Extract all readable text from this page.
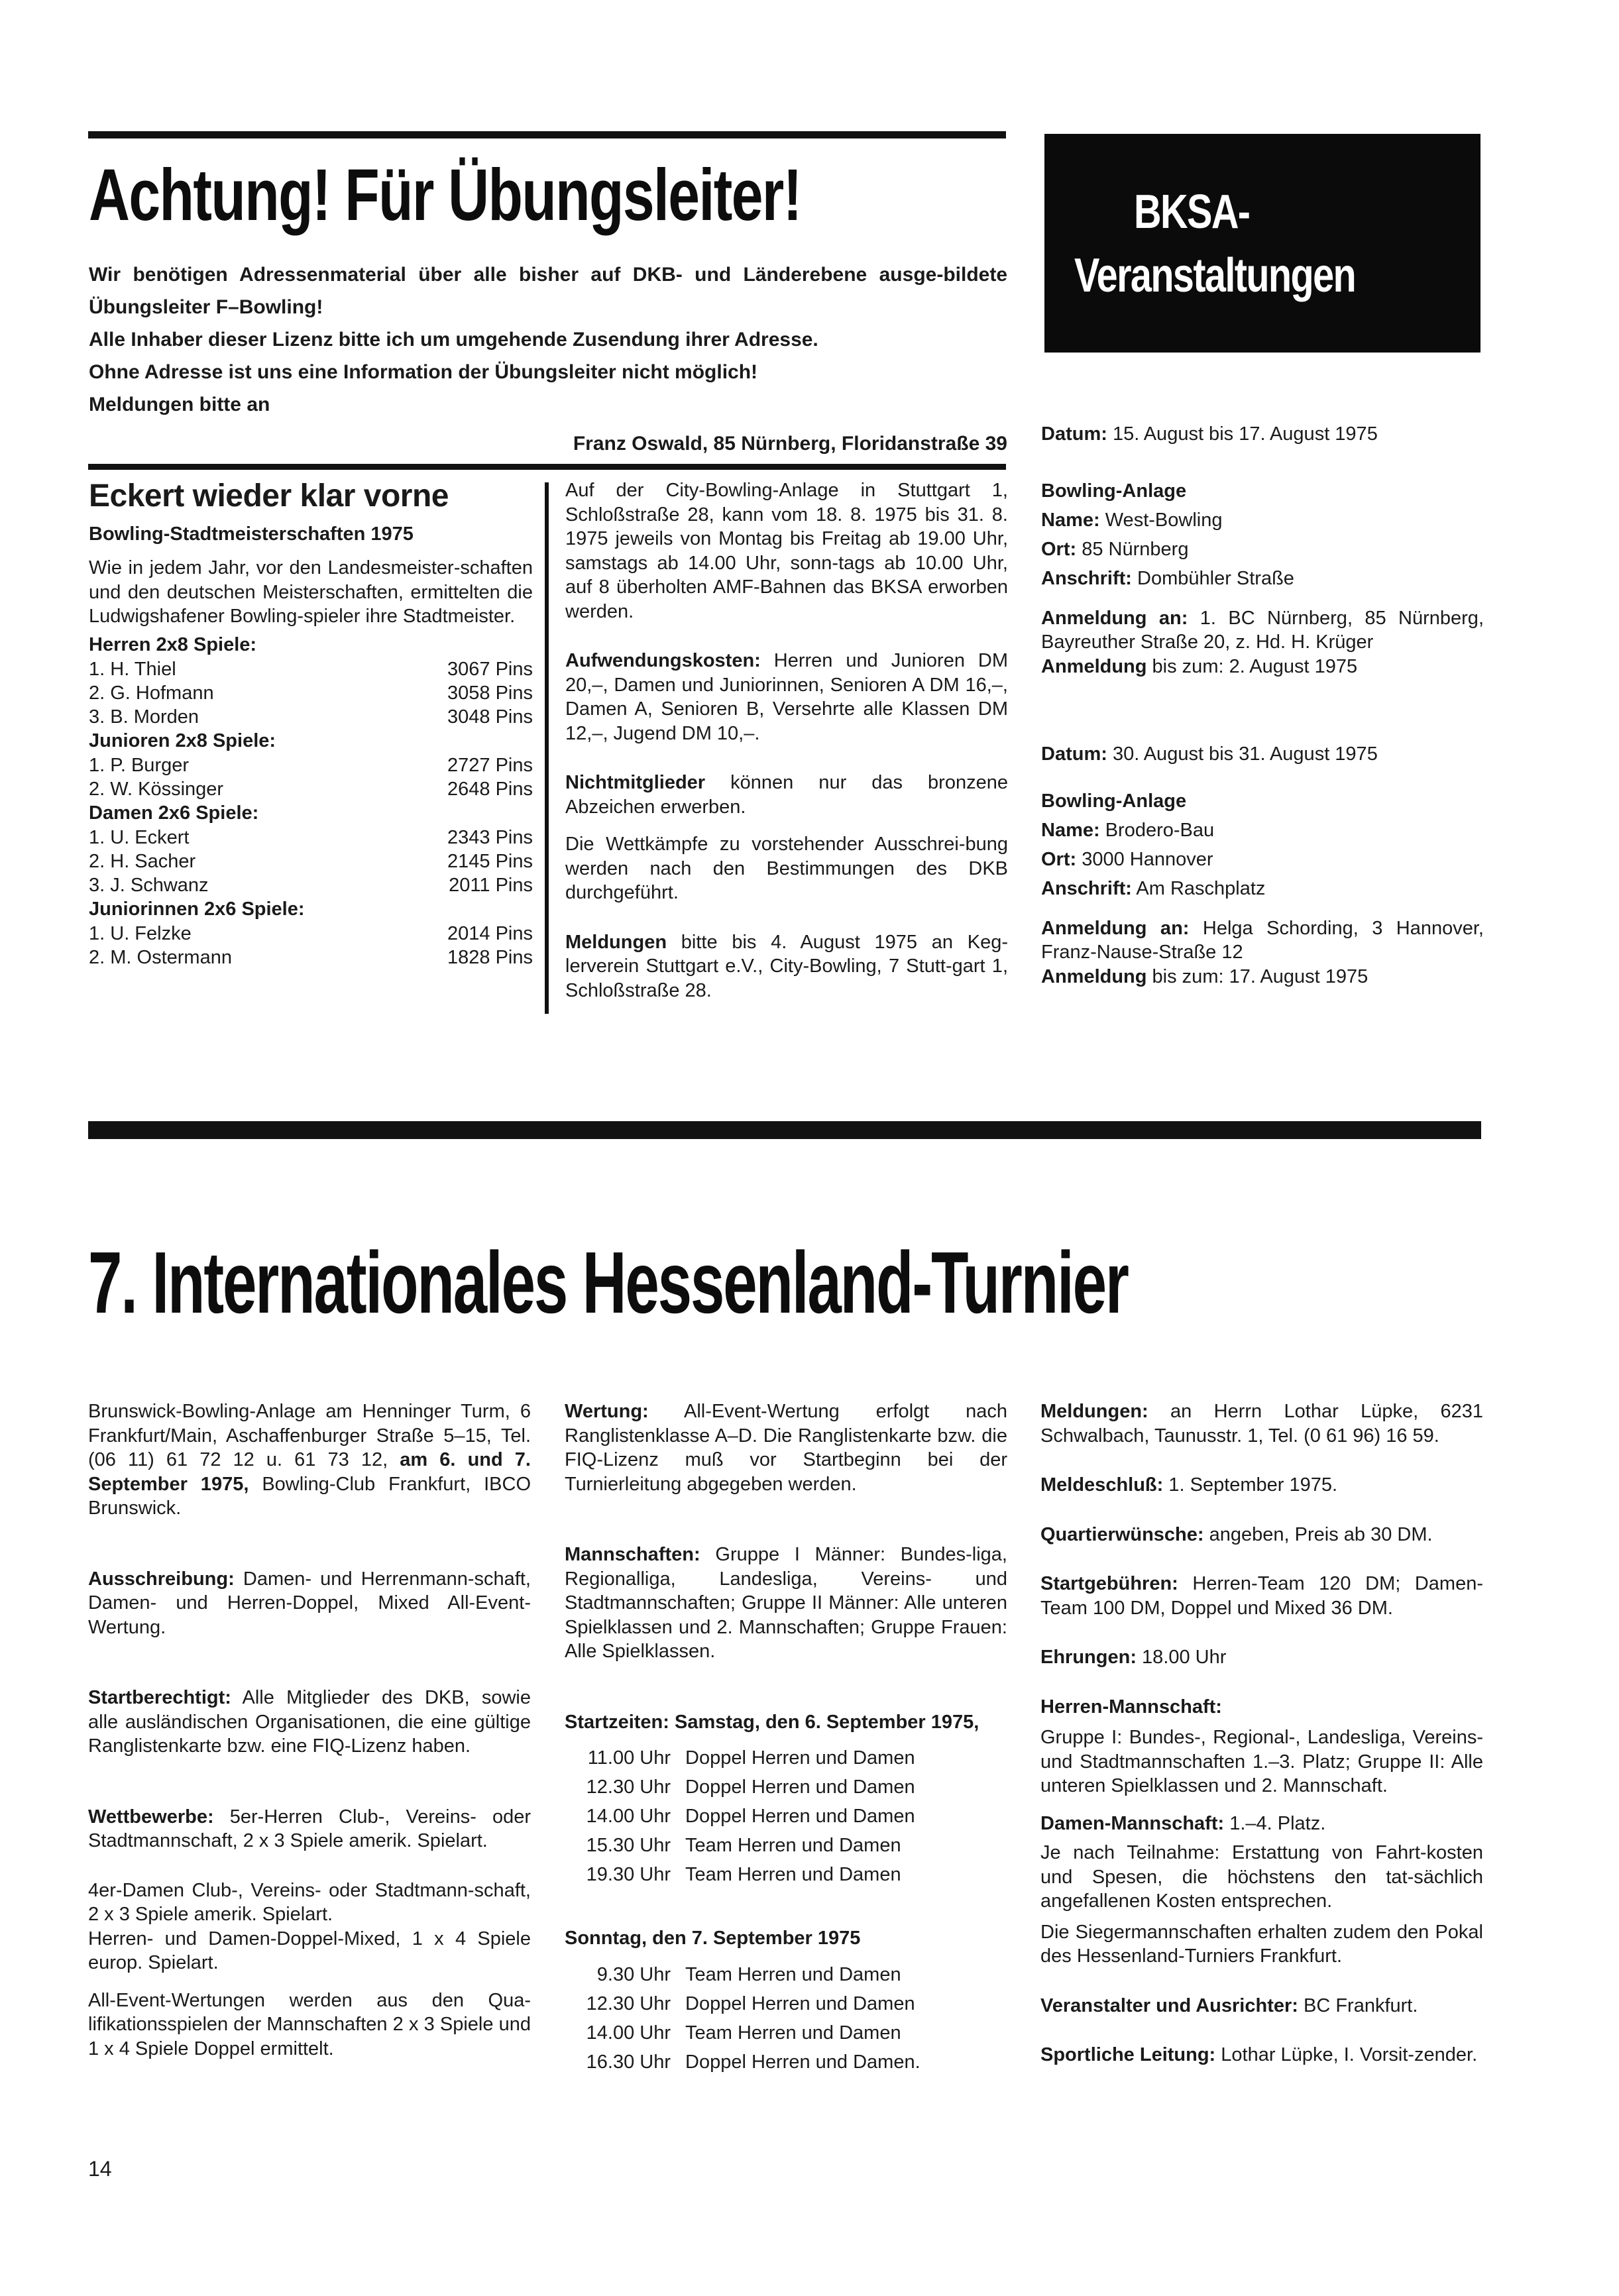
Achtung! Für Übungsleiter!

Wir benötigen Adressenmaterial über alle bisher auf DKB- und Länderebene ausge-bildete Übungsleiter F–Bowling!

Alle Inhaber dieser Lizenz bitte ich um umgehende Zusendung ihrer Adresse.

Ohne Adresse ist uns eine Information der Übungsleiter nicht möglich!

Meldungen bitte an

Franz Oswald, 85 Nürnberg, Floridanstraße 39

BKSA-
Veranstaltungen
Eckert wieder klar vorne
Bowling-Stadtmeisterschaften 1975
Wie in jedem Jahr, vor den Landesmeister-schaften und den deutschen Meisterschaften, ermittelten die Ludwigshafener Bowling-spieler ihre Stadtmeister.
Herren 2x8 Spiele:
1. H. Thiel	3067 Pins
2. G. Hofmann	3058 Pins
3. B. Morden	3048 Pins
Junioren 2x8 Spiele:
1. P. Burger	2727 Pins
2. W. Kössinger	2648 Pins
Damen 2x6 Spiele:
1. U. Eckert	2343 Pins
2. H. Sacher	2145 Pins
3. J. Schwanz	2011 Pins
Juniorinnen 2x6 Spiele:
1. U. Felzke	2014 Pins
2. M. Ostermann	1828 Pins

Auf der City-Bowling-Anlage in Stuttgart 1, Schloßstraße 28, kann vom 18. 8. 1975 bis 31. 8. 1975 jeweils von Montag bis Freitag ab 19.00 Uhr, samstags ab 14.00 Uhr, sonn-tags ab 10.00 Uhr, auf 8 überholten AMF-Bahnen das BKSA erworben werden.

Aufwendungskosten: Herren und Junioren DM 20,–, Damen und Juniorinnen, Senioren A DM 16,–, Damen A, Senioren B, Versehrte alle Klassen DM 12,–, Jugend DM 10,–.

Nichtmitglieder können nur das bronzene Abzeichen erwerben.

Die Wettkämpfe zu vorstehender Ausschrei-bung werden nach den Bestimmungen des DKB durchgeführt.

Meldungen bitte bis 4. August 1975 an Keg-lerverein Stuttgart e.V., City-Bowling, 7 Stutt-gart 1, Schloßstraße 28.

Datum: 15. August bis 17. August 1975

Bowling-Anlage

Name: West-Bowling

Ort: 85 Nürnberg

Anschrift: Dombühler Straße

Anmeldung an: 1. BC Nürnberg, 85 Nürnberg, Bayreuther Straße 20, z. Hd. H. Krüger

Anmeldung bis zum: 2. August 1975

Datum: 30. August bis 31. August 1975

Bowling-Anlage

Name: Brodero-Bau

Ort: 3000 Hannover

Anschrift: Am Raschplatz

Anmeldung an: Helga Schording, 3 Hannover, Franz-Nause-Straße 12

Anmeldung bis zum: 17. August 1975

7. Internationales Hessenland-Turnier

Brunswick-Bowling-Anlage am Henninger Turm, 6 Frankfurt/Main, Aschaffenburger Straße 5–15, Tel. (06 11) 61 72 12 u. 61 73 12, am 6. und 7. September 1975, Bowling-Club Frankfurt, IBCO Brunswick.

Ausschreibung: Damen- und Herrenmann-schaft, Damen- und Herren-Doppel, Mixed All-Event-Wertung.

Startberechtigt: Alle Mitglieder des DKB, sowie alle ausländischen Organisationen, die eine gültige Ranglistenkarte bzw. eine FIQ-Lizenz haben.

Wettbewerbe: 5er-Herren Club-, Vereins- oder Stadtmannschaft, 2 x 3 Spiele amerik. Spielart.

4er-Damen Club-, Vereins- oder Stadtmann-schaft, 2 x 3 Spiele amerik. Spielart.

Herren- und Damen-Doppel-Mixed, 1 x 4 Spiele europ. Spielart.

All-Event-Wertungen werden aus den Qua-lifikationsspielen der Mannschaften 2 x 3 Spiele und 1 x 4 Spiele Doppel ermittelt.

Wertung: All-Event-Wertung erfolgt nach Ranglistenklasse A–D. Die Ranglistenkarte bzw. die FIQ-Lizenz muß vor Startbeginn bei der Turnierleitung abgegeben werden.

Mannschaften: Gruppe I Männer: Bundes-liga, Regionalliga, Landesliga, Vereins- und Stadtmannschaften; Gruppe II Männer: Alle unteren Spielklassen und 2. Mannschaften; Gruppe Frauen: Alle Spielklassen.

Startzeiten: Samstag, den 6. September 1975,

11.00 Uhr Doppel Herren und Damen
12.30 Uhr Doppel Herren und Damen
14.00 Uhr Doppel Herren und Damen
15.30 Uhr Team Herren und Damen
19.30 Uhr Team Herren und Damen

Sonntag, den 7. September 1975

9.30 Uhr Team Herren und Damen
12.30 Uhr Doppel Herren und Damen
14.00 Uhr Team Herren und Damen
16.30 Uhr Doppel Herren und Damen.

Meldungen: an Herrn Lothar Lüpke, 6231 Schwalbach, Taunusstr. 1, Tel. (0 61 96) 16 59.

Meldeschluß: 1. September 1975.

Quartierwünsche: angeben, Preis ab 30 DM.

Startgebühren: Herren-Team 120 DM; Damen-Team 100 DM, Doppel und Mixed 36 DM.

Ehrungen: 18.00 Uhr

Herren-Mannschaft:

Gruppe I: Bundes-, Regional-, Landesliga, Vereins- und Stadtmannschaften 1.–3. Platz; Gruppe II: Alle unteren Spielklassen und 2. Mannschaft.

Damen-Mannschaft: 1.–4. Platz.

Je nach Teilnahme: Erstattung von Fahrt-kosten und Spesen, die höchstens den tat-sächlich angefallenen Kosten entsprechen.

Die Siegermannschaften erhalten zudem den Pokal des Hessenland-Turniers Frankfurt.

Veranstalter und Ausrichter: BC Frankfurt.

Sportliche Leitung: Lothar Lüpke, I. Vorsit-zender.

14
